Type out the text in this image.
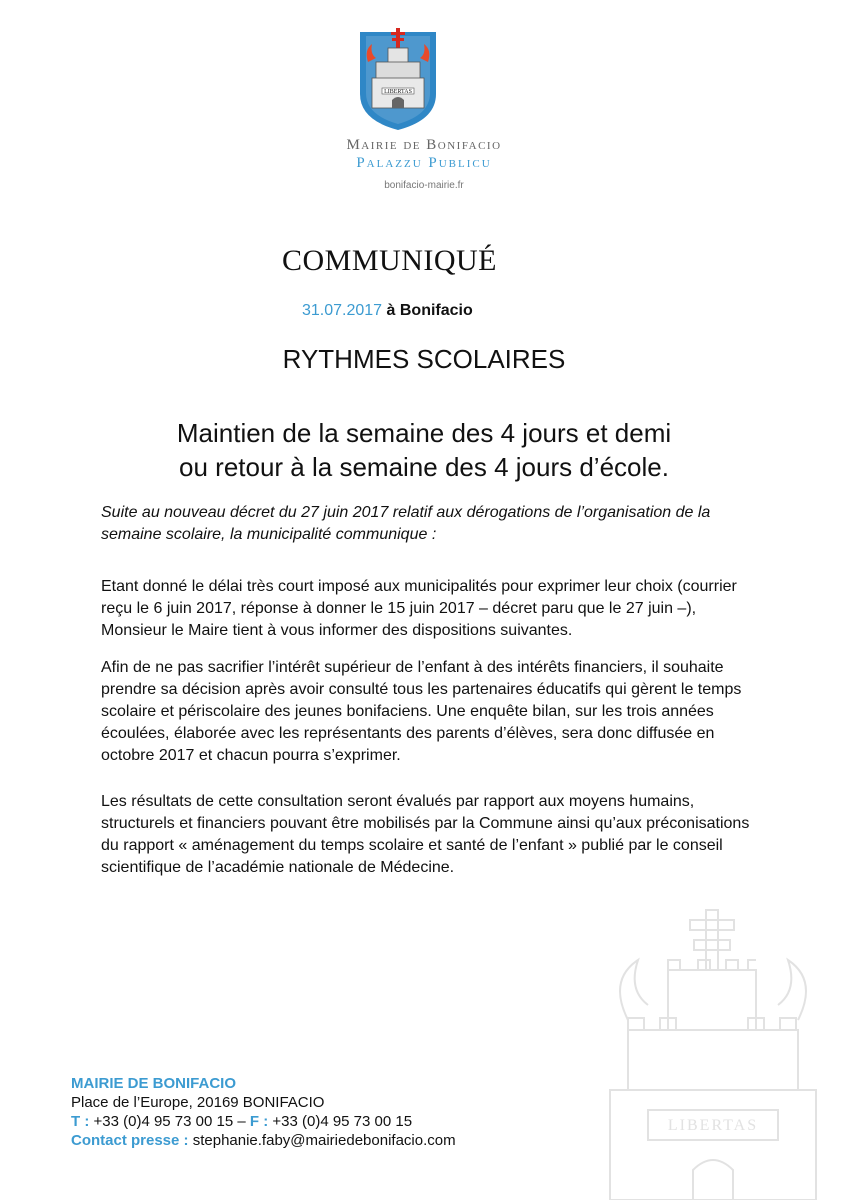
LIBERTAS
Mairie de Bonifacio
Palazzu Publicu
bonifacio-mairie.fr
COMMUNIQUÉ
31.07.2017 à Bonifacio
RYTHMES SCOLAIRES
Maintien de la semaine des 4 jours et demi
ou retour à la semaine des 4 jours d’école.
Suite au nouveau décret du 27 juin 2017 relatif aux dérogations de l’organisation de la semaine scolaire, la municipalité communique :
Etant donné le délai très court imposé aux municipalités pour exprimer leur choix (courrier reçu le 6 juin 2017, réponse à donner le 15 juin 2017 – décret paru que le 27 juin –), Monsieur le Maire tient à vous informer des dispositions suivantes.
Afin de ne pas sacrifier l’intérêt supérieur de l’enfant à des intérêts financiers, il souhaite prendre sa décision après avoir consulté tous les partenaires éducatifs qui gèrent le temps scolaire et périscolaire des jeunes bonifaciens. Une enquête bilan, sur les trois années écoulées, élaborée avec les représentants des parents d’élèves, sera donc diffusée en octobre 2017 et chacun pourra s’exprimer.
Les résultats de cette consultation seront évalués par rapport aux moyens humains, structurels et financiers pouvant être mobilisés par la Commune ainsi qu’aux préconisations du rapport « aménagement du temps scolaire et santé de l’enfant » publié par le conseil scientifique de l’académie nationale de Médecine.
LIBERTAS
MAIRIE DE BONIFACIO
Place de l’Europe, 20169 BONIFACIO
T : +33 (0)4 95 73 00 15 – F : +33 (0)4 95 73 00 15
Contact presse : stephanie.faby@mairiedebonifacio.com
